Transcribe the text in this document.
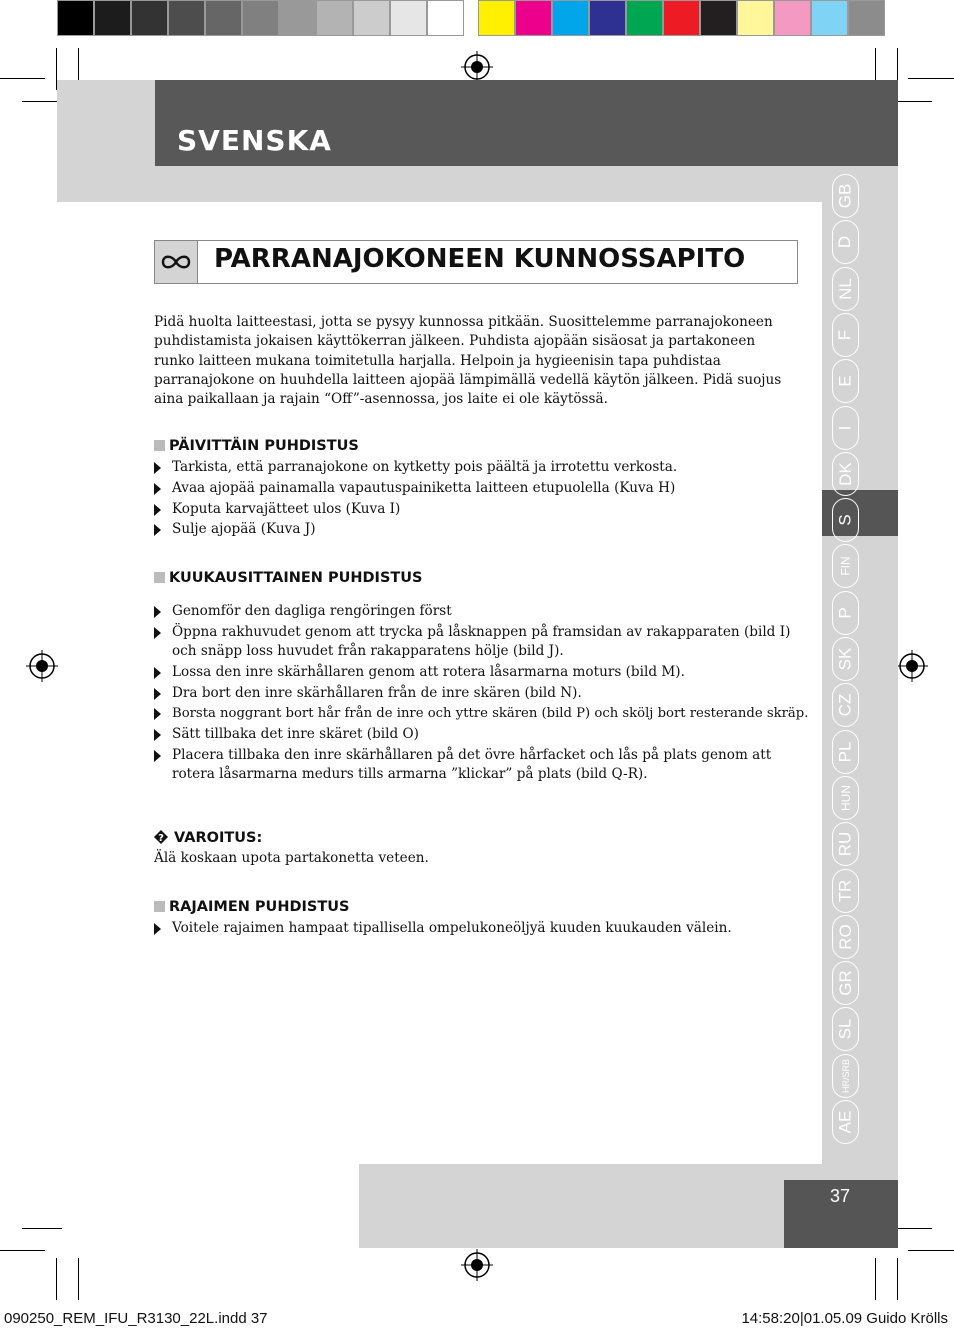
SVENSKA
GB
D
NL
F
E
I
DK
S
FIN
P
SK
CZ
PL
HUN
RU
TR
RO
GR
SL
HR/SRB
AE
PARRANAJOKONEEN KUNNOSSAPITO
Pidä huolta laitteestasi, jotta se pysyy kunnossa pitkään. Suosittelemme parranajokoneen puhdistamista jokaisen käyttökerran jälkeen. Puhdista ajopään sisäosat ja partakoneen runko laitteen mukana toimitetulla harjalla. Helpoin ja hygieenisin tapa puhdistaa parranajokone on huuhdella laitteen ajopää lämpimällä vedellä käytön jälkeen. Pidä suojus aina paikallaan ja rajain “Off”-asennossa, jos laite ei ole käytössä.
PÄIVITTÄIN PUHDISTUS
Tarkista, että parranajokone on kytketty pois päältä ja irrotettu verkosta.
Avaa ajopää painamalla vapautuspainiketta laitteen etupuolella (Kuva H)
Koputa karvajätteet ulos (Kuva I)
Sulje ajopää (Kuva J)
KUUKAUSITTAINEN PUHDISTUS
Genomför den dagliga rengöringen först
Öppna rakhuvudet genom att trycka på låsknappen på framsidan av rakapparaten (bild I) och snäpp loss huvudet från rakapparatens hölje (bild J).
Lossa den inre skärhållaren genom att rotera låsarmarna moturs (bild M).
Dra bort den inre skärhållaren från de inre skären (bild N).
Borsta noggrant bort hår från de inre och yttre skären (bild P) och skölj bort resterande skräp.
Sätt tillbaka det inre skäret (bild O)
Placera tillbaka den inre skärhållaren på det övre hårfacket och lås på plats genom att rotera låsarmarna medurs tills armarna ”klickar” på plats (bild Q-R).
? VAROITUS:
Älä koskaan upota partakonetta veteen.
RAJAIMEN PUHDISTUS
Voitele rajaimen hampaat tipallisella ompelukoneöljyä kuuden kuukauden välein.
37
090250_REM_IFU_R3130_22L.indd 37	14:58:20|01.05.09 Guido Krölls
